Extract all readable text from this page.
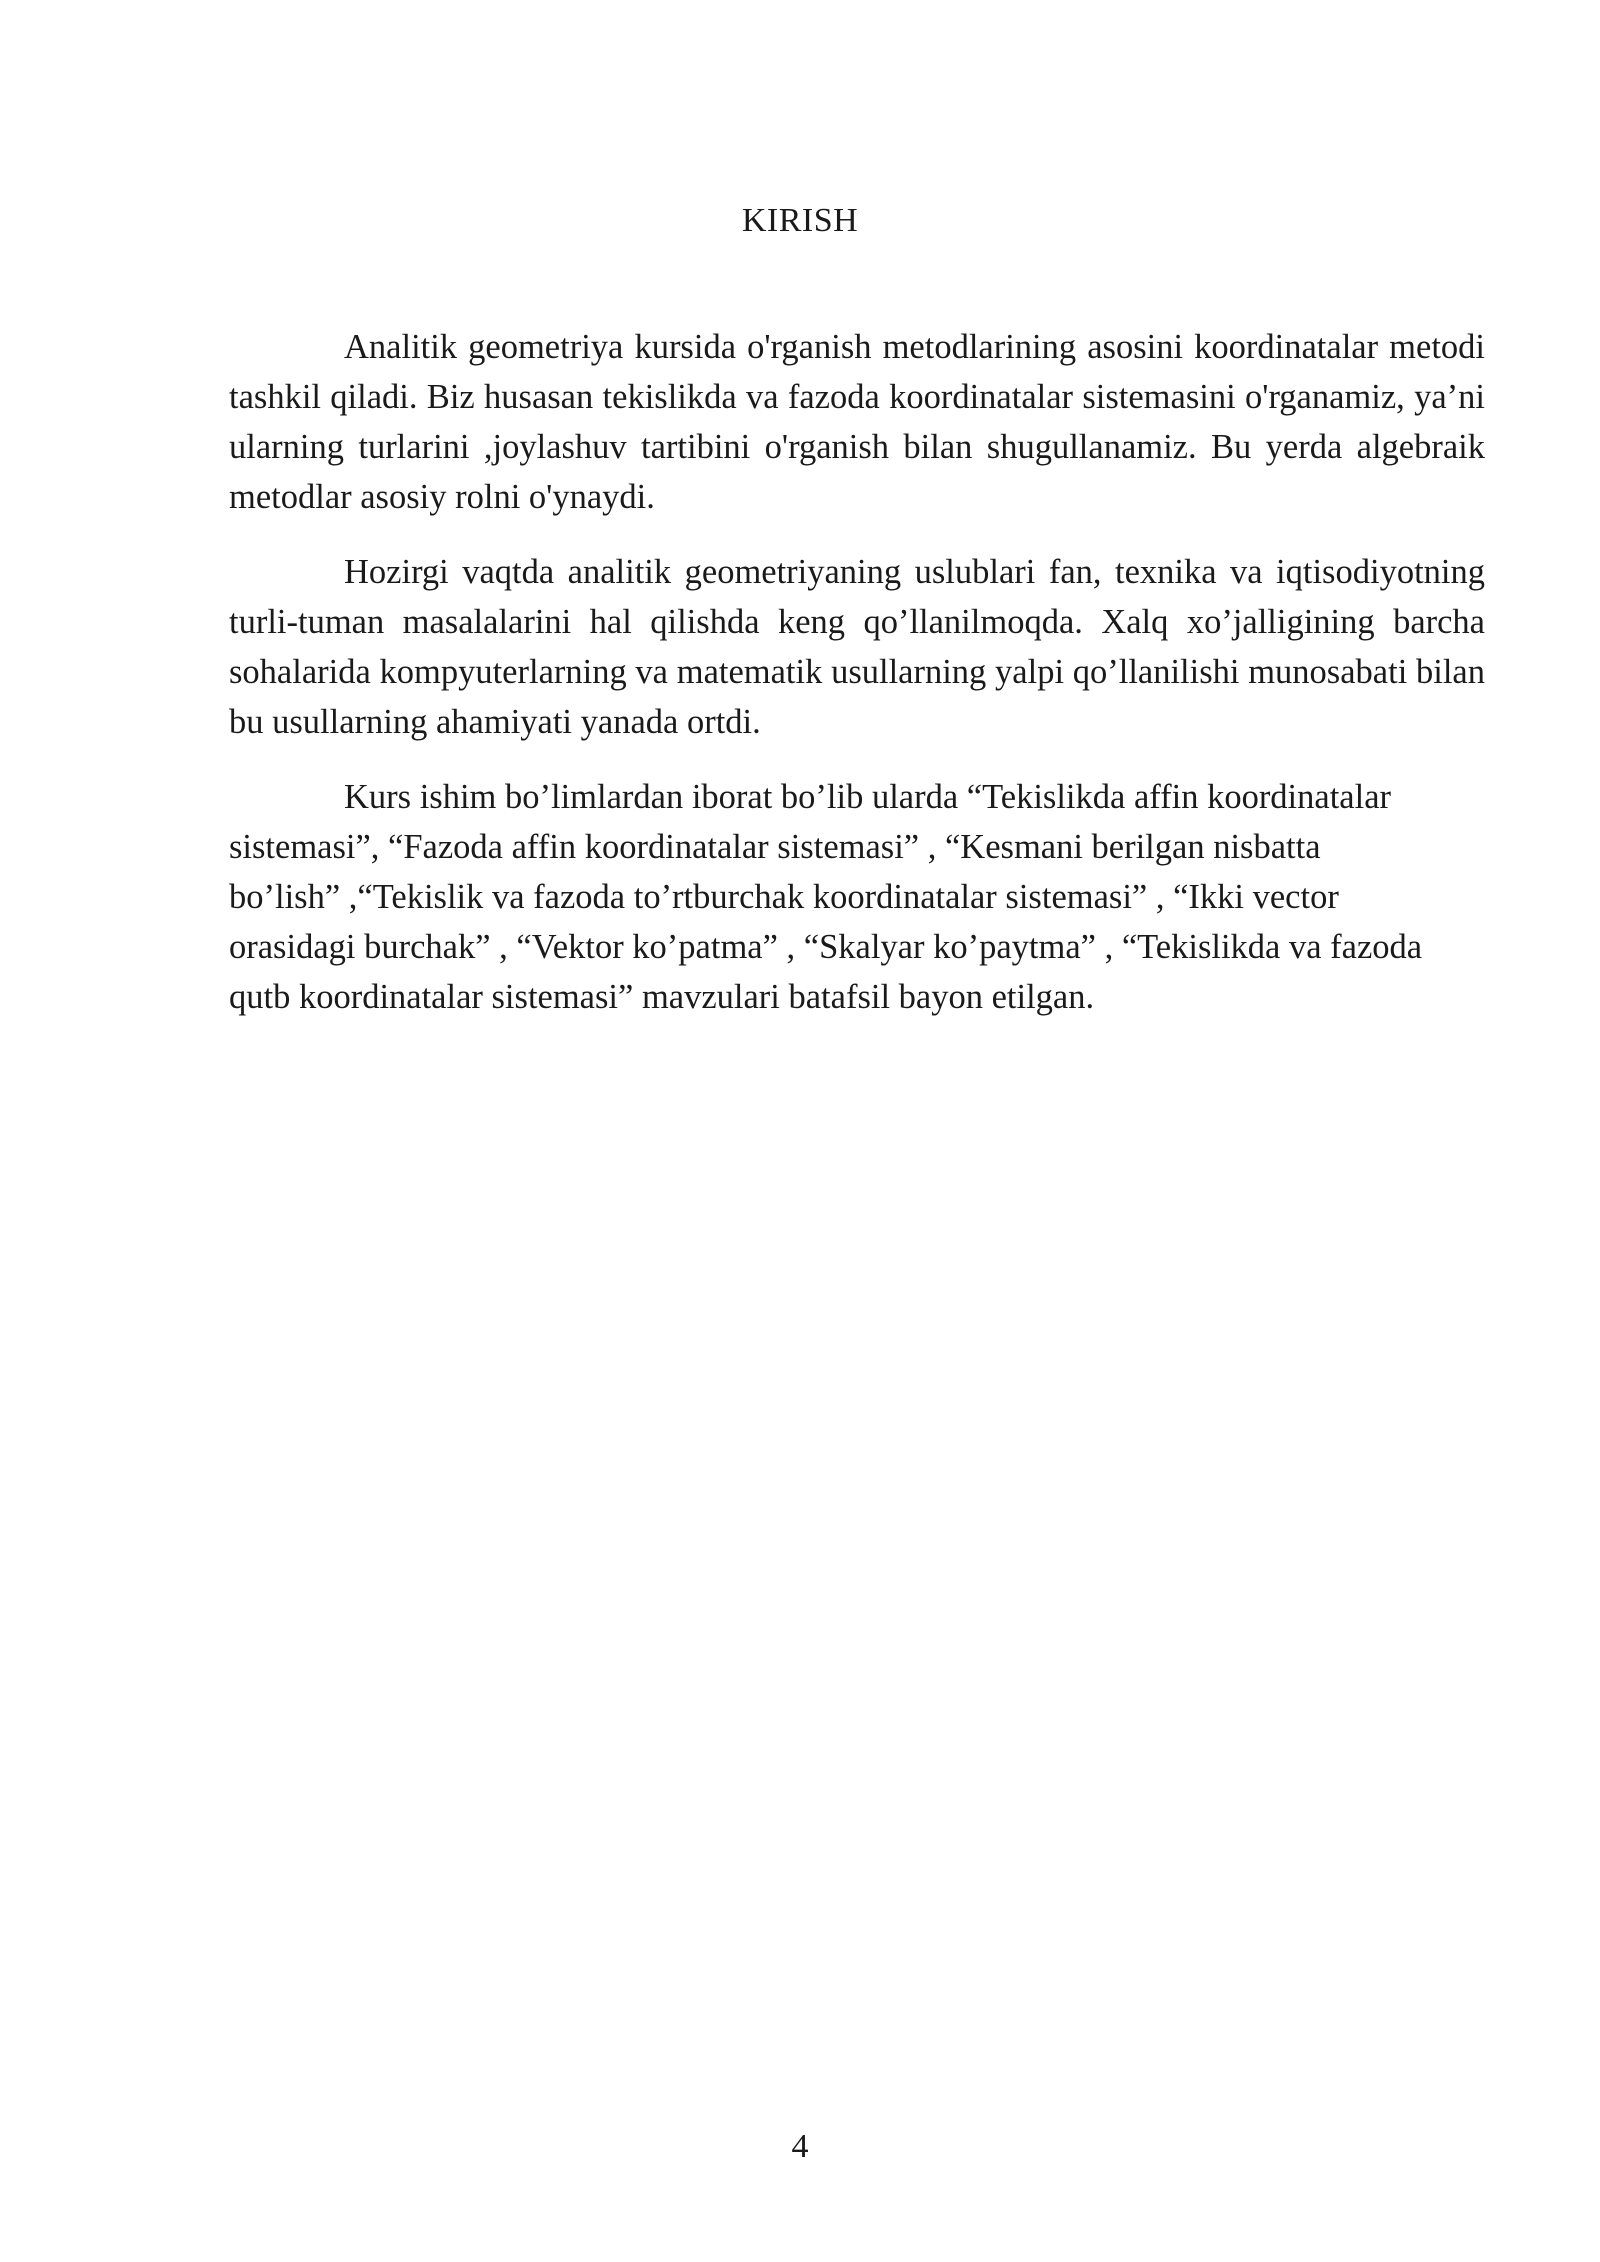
KIRISH

Analitik geometriya kursida o'rganish metodlarining asosini koordinatalar metodi tashkil qiladi. Biz husasan tekislikda va fazoda koordinatalar sistemasini o'rganamiz, ya’ni ularning turlarini ,joylashuv tartibini o'rganish bilan shugullanamiz. Bu yerda algebraik metodlar asosiy rolni o'ynaydi.

Hozirgi vaqtda analitik geometriyaning uslublari fan, texnika va iqtisodiyotning turli-tuman masalalarini hal qilishda keng qo’llanilmoqda. Xalq xo’jalligining barcha sohalarida kompyuterlarning va matematik usullarning yalpi qo’llanilishi munosabati bilan bu usullarning ahamiyati yanada ortdi.

Kurs ishim bo’limlardan iborat bo’lib ularda “Tekislikda affin koordinatalar sistemasi”, “Fazoda affin koordinatalar sistemasi” , “Kesmani berilgan nisbatta bo’lish” ,“Tekislik va fazoda to’rtburchak koordinatalar sistemasi” , “Ikki vector orasidagi burchak” , “Vektor ko’patma” , “Skalyar ko’paytma” , “Tekislikda va fazoda qutb koordinatalar sistemasi” mavzulari batafsil bayon etilgan.

4
